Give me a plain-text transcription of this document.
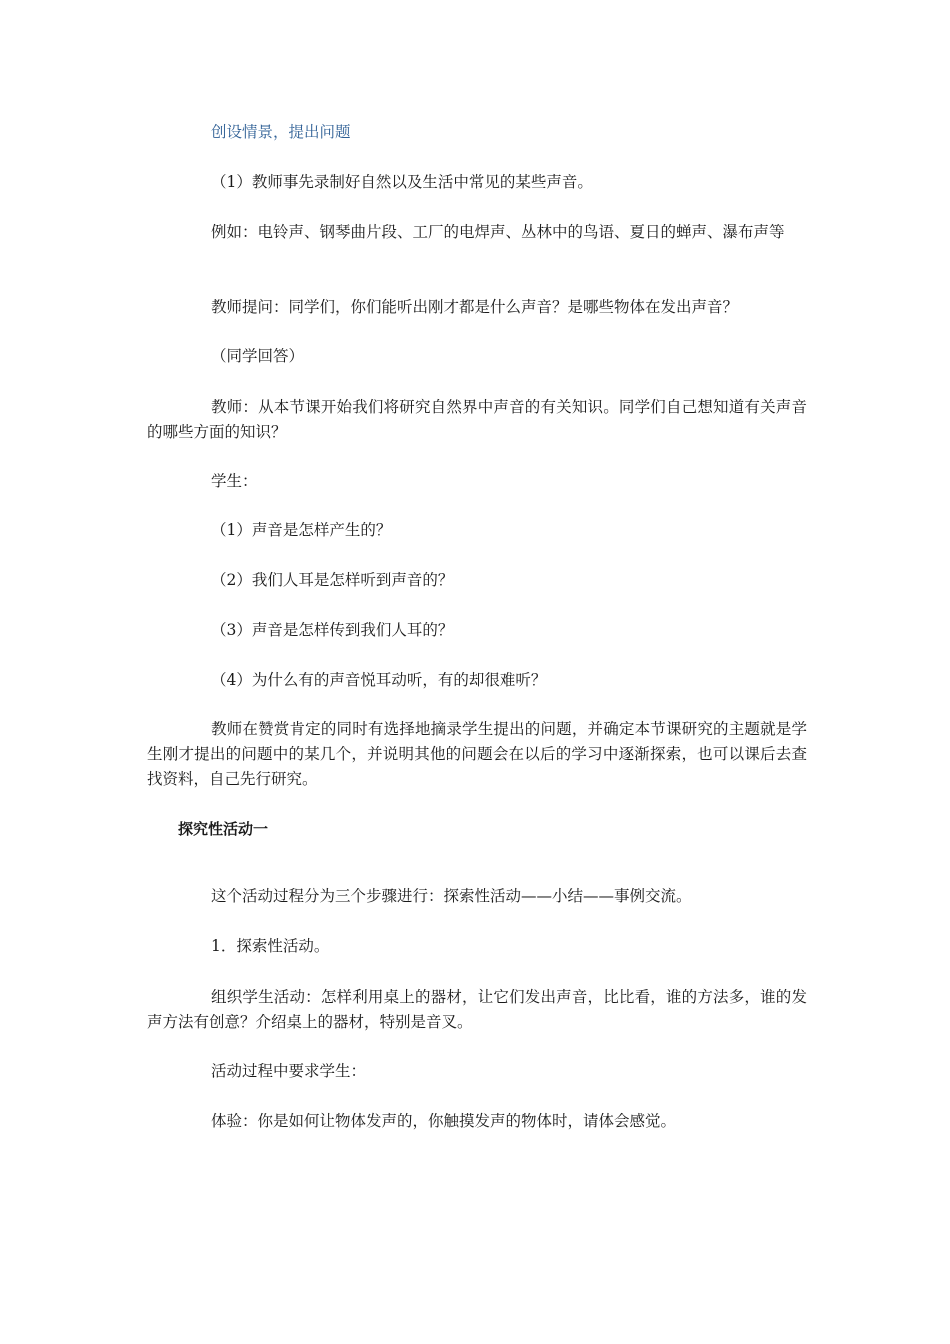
创设情景，提出问题

（1）教师事先录制好自然以及生活中常见的某些声音。

例如：电铃声、钢琴曲片段、工厂的电焊声、丛林中的鸟语、夏日的蝉声、瀑布声等

教师提问：同学们，你们能听出刚才都是什么声音？是哪些物体在发出声音？

（同学回答）

教师：从本节课开始我们将研究自然界中声音的有关知识。同学们自己想知道有关声音的哪些方面的知识？

学生：

（1）声音是怎样产生的？

（2）我们人耳是怎样听到声音的？

（3）声音是怎样传到我们人耳的？

（4）为什么有的声音悦耳动听，有的却很难听？

教师在赞赏肯定的同时有选择地摘录学生提出的问题，并确定本节课研究的主题就是学生刚才提出的问题中的某几个，并说明其他的问题会在以后的学习中逐渐探索，也可以课后去查找资料，自己先行研究。

探究性活动一

这个活动过程分为三个步骤进行：探索性活动——小结——事例交流。

1．探索性活动。

组织学生活动：怎样利用桌上的器材，让它们发出声音，比比看，谁的方法多，谁的发声方法有创意？介绍桌上的器材，特别是音叉。

活动过程中要求学生：

体验：你是如何让物体发声的，你触摸发声的物体时，请体会感觉。
